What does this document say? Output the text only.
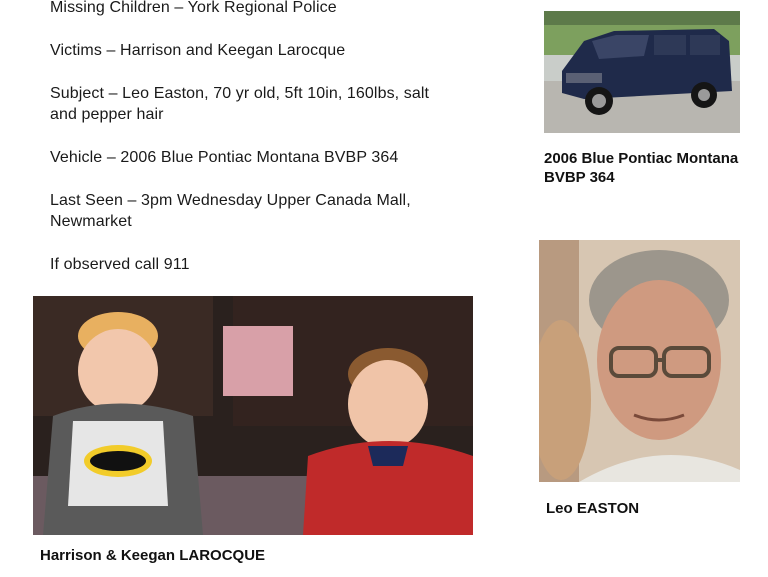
Missing Children – York Regional Police
Victims – Harrison and Keegan Larocque
Subject – Leo Easton, 70 yr old, 5ft 10in, 160lbs, salt
and pepper hair
Vehicle – 2006 Blue Pontiac Montana BVBP 364
Last Seen – 3pm Wednesday Upper Canada Mall,
Newmarket
If observed call 911
2006 Blue Pontiac Montana
BVBP 364
Harrison & Keegan LAROCQUE
Leo EASTON
